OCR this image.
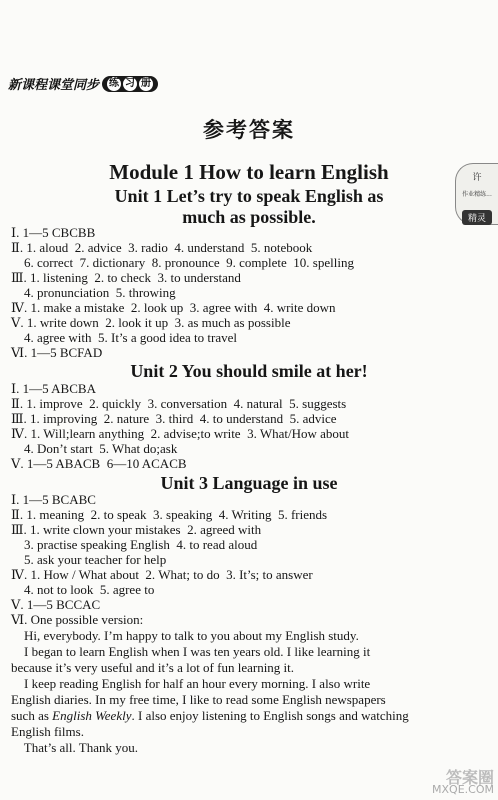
新课程课堂同步 练 习 册
参考答案
许
作业精练...
精灵
Module 1 How to learn English
Unit 1 Let’s try to speak English as
much as possible.
Ⅰ. 1—5 CBCBB
Ⅱ. 1. aloud  2. advice  3. radio  4. understand  5. notebook
6. correct  7. dictionary  8. pronounce  9. complete  10. spelling
Ⅲ. 1. listening  2. to check  3. to understand
4. pronunciation  5. throwing
Ⅳ. 1. make a mistake  2. look up  3. agree with  4. write down
Ⅴ. 1. write down  2. look it up  3. as much as possible
4. agree with  5. It’s a good idea to travel
Ⅵ. 1—5 BCFAD
Unit 2 You should smile at her!
Ⅰ. 1—5 ABCBA
Ⅱ. 1. improve  2. quickly  3. conversation  4. natural  5. suggests
Ⅲ. 1. improving  2. nature  3. third  4. to understand  5. advice
Ⅳ. 1. Will;learn anything  2. advise;to write  3. What/How about
4. Don’t start  5. What do;ask
Ⅴ. 1—5 ABACB  6—10 ACACB
Unit 3 Language in use
Ⅰ. 1—5 BCABC
Ⅱ. 1. meaning  2. to speak  3. speaking  4. Writing  5. friends
Ⅲ. 1. write clown your mistakes  2. agreed with
3. practise speaking English  4. to read aloud
5. ask your teacher for help
Ⅳ. 1. How / What about  2. What; to do  3. It’s; to answer
4. not to look  5. agree to
Ⅴ. 1—5 BCCAC
Ⅵ. One possible version:
Hi, everybody. I’m happy to talk to you about my English study.
I began to learn English when I was ten years old. I like learning it
because it’s very useful and it’s a lot of fun learning it.
I keep reading English for half an hour every morning. I also write
English diaries. In my free time, I like to read some English newspapers
such as English Weekly. I also enjoy listening to English songs and watching
English films.
That’s all. Thank you.
答案圈
MXQE.COM
